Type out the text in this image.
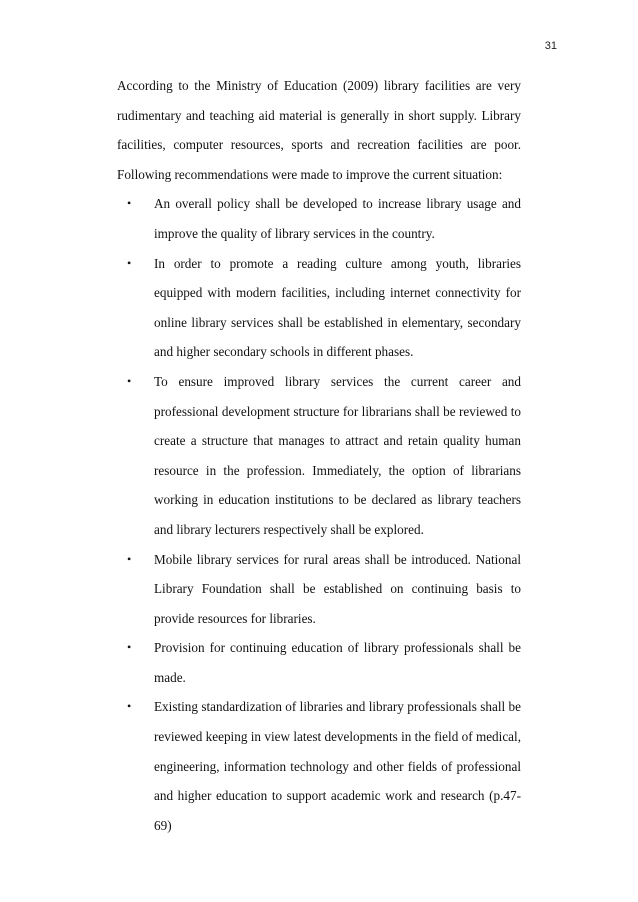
31

According to the Ministry of Education (2009) library facilities are very rudimentary and teaching aid material is generally in short supply. Library facilities, computer resources, sports and recreation facilities are poor. Following recommendations were made to improve the current situation:

• An overall policy shall be developed to increase library usage and improve the quality of library services in the country.
• In order to promote a reading culture among youth, libraries equipped with modern facilities, including internet connectivity for online library services shall be established in elementary, secondary and higher secondary schools in different phases.
• To ensure improved library services the current career and professional development structure for librarians shall be reviewed to create a structure that manages to attract and retain quality human resource in the profession. Immediately, the option of librarians working in education institutions to be declared as library teachers and library lecturers respectively shall be explored.
• Mobile library services for rural areas shall be introduced. National Library Foundation shall be established on continuing basis to provide resources for libraries.
• Provision for continuing education of library professionals shall be made.
• Existing standardization of libraries and library professionals shall be reviewed keeping in view latest developments in the field of medical, engineering, information technology and other fields of professional and higher education to support academic work and research (p.47-69)
